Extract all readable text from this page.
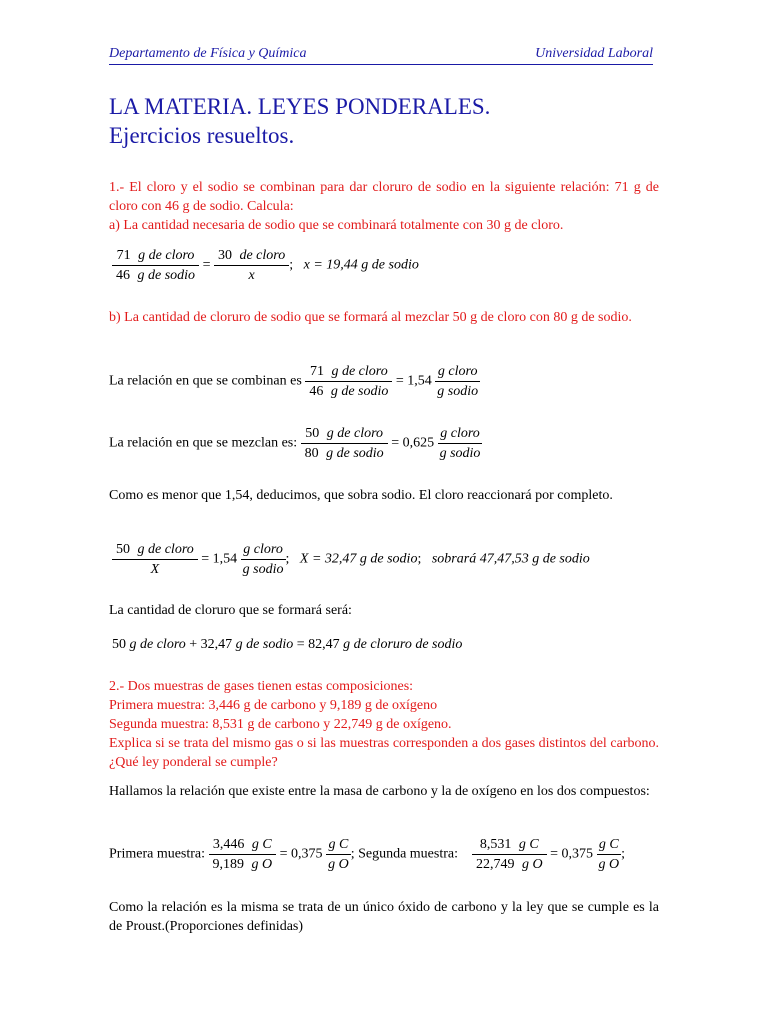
Departamento de Física y Química	Universidad Laboral
LA MATERIA. LEYES PONDERALES.
Ejercicios resueltos.
1.- El cloro y el sodio se combinan para dar cloruro de sodio en la siguiente relación: 71 g de cloro con 46 g de sodio. Calcula:
a) La cantidad necesaria de sodio que se combinará totalmente con 30 g de cloro.
$\frac{\text{71 g de cloro}}{\text{46 g de sodio}} = \frac{\text{30 de cloro}}{x}$ ; x = 19,44 g de sodio
b) La cantidad de cloruro de sodio que se formará al mezclar 50 g de cloro con 80 g de sodio.
La relación en que se combinan es $\frac{\text{71 g de cloro}}{\text{46 g de sodio}} = 1,54 \frac{\text{g cloro}}{\text{g sodio}}$
La relación en que se mezclan es: $\frac{\text{50 g de cloro}}{\text{80 g de sodio}} = 0,625 \frac{\text{g cloro}}{\text{g sodio}}$
Como es menor que 1,54, deducimos, que sobra sodio. El cloro reaccionará por completo.
$\frac{\text{50 g de cloro}}{X} = 1,54 \frac{\text{g cloro}}{\text{g sodio}}$ ; X = 32,47 g de sodio; sobrará 47,47,53 g de sodio
La cantidad de cloruro que se formará será:
50 g de cloro + 32,47 g de sodio = 82,47 g de cloruro de sodio
2.- Dos muestras de gases tienen estas composiciones:
Primera muestra: 3,446 g de carbono y 9,189 g de oxígeno
Segunda muestra: 8,531 g de carbono y 22,749 g de oxígeno.
Explica si se trata del mismo gas o si las muestras corresponden a dos gases distintos del carbono. ¿Qué ley ponderal se cumple?
Hallamos la relación que existe entre la masa de carbono y la de oxígeno en los dos compuestos:
Primera muestra: $\frac{\text{3,446 g C}}{\text{9,189 g O}} = 0,375 \frac{\text{g C}}{\text{g O}}$ ; Segunda muestra: $\frac{\text{8,531 g C}}{\text{22,749 g O}} = 0,375 \frac{\text{g C}}{\text{g O}}$ ;
Como la relación es la misma se trata de un único óxido de carbono y la ley que se cumple es la de Proust.(Proporciones definidas)
